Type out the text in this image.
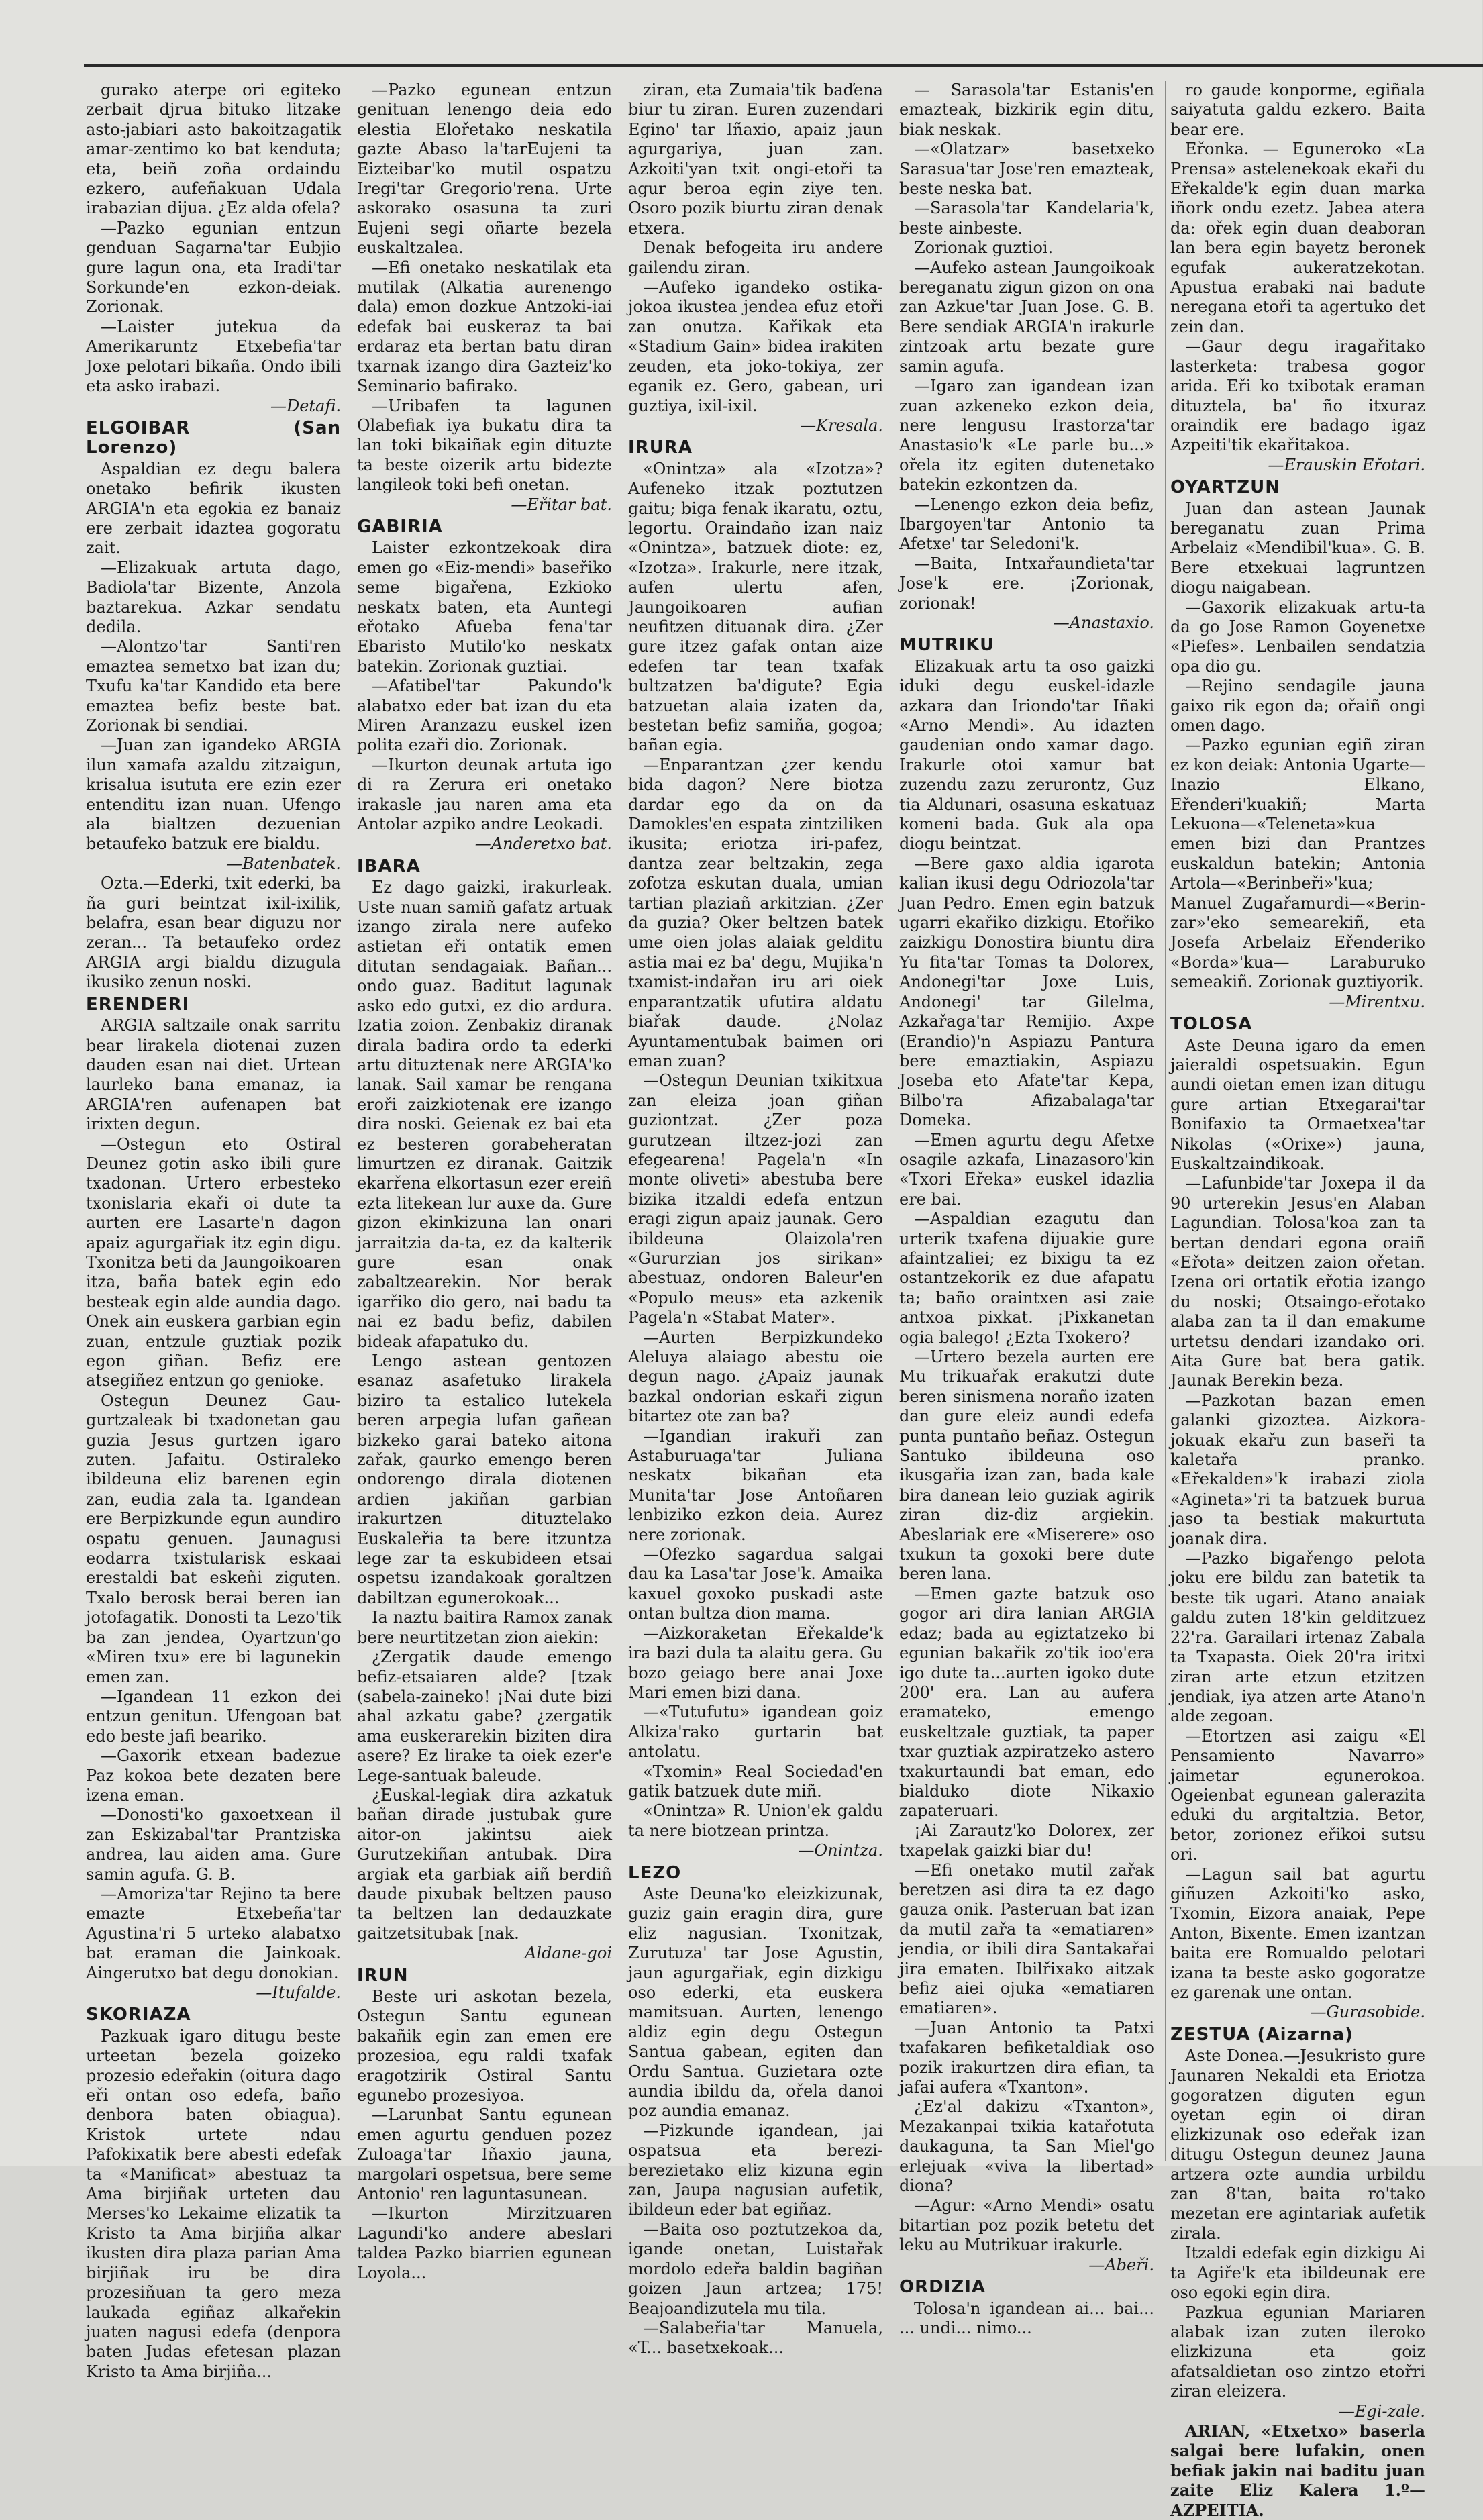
gurako aterpe ori egiteko zerbait djrua bituko litzake asto-jabiari asto bakoitzagatik amar-zentimo ko bat kenduta; eta, beiñ zoña ordaindu ezkero, aufeñakuan Udala irabazian dijua. ¿Ez alda ofela?

—Pazko egunian entzun genduan Sagarna'tar Eubjio gure lagun ona, eta Iradi'tar Sorkunde'en ezkon-deiak. Zorionak.

—Laister jutekua da Amerikaruntz Etxebefia'tar Joxe pelotari bikaña. Ondo ibili eta asko irabazi.

—Detafi.

ELGOIBAR (San Lorenzo)

Aspaldian ez degu balera onetako befirik ikusten ARGIA'n eta egokia ez banaiz ere zerbait idaztea gogoratu zait.

—Elizakuak artuta dago, Badiola'tar Bizente, Anzola baztarekua. Azkar sendatu dedila.

—Alontzo'tar Santi'ren emaztea semetxo bat izan du; Txufu ka'tar Kandido eta bere emaztea befiz beste bat. Zorionak bi sendiai.

—Juan zan igandeko ARGIA ilun xamafa azaldu zitzaigun, krisalua isututa ere ezin ezer entenditu izan nuan. Ufengo ala bialtzen dezuenian betaufeko batzuk ere bialdu.

—Batenbatek.

Ozta.—Ederki, txit ederki, ba ña guri beintzat ixil-ixilik, belafra, esan bear diguzu nor zeran... Ta betaufeko ordez ARGIA argi bialdu dizugula ikusiko zenun noski.

ERENDERI

ARGIA saltzaile onak sarritu bear lirakela diotenai zuzen dauden esan nai diet. Urtean laurleko bana emanaz, ia ARGIA'ren aufenapen bat irixten degun.

—Ostegun eto Ostiral Deunez gotin asko ibili gure txadonan. Urtero erbesteko txonislaria ekaři oi dute ta aurten ere Lasarte'n dagon apaiz agurgařiak itz egin digu. Txonitza beti da Jaungoikoaren itza, baña batek egin edo besteak egin alde aundia dago. Onek ain euskera garbian egin zuan, entzule guztiak pozik egon giñan. Befiz ere atsegiñez entzun go genioke.

Ostegun Deunez Gau-gurtzaleak bi txadonetan gau guzia Jesus gurtzen igaro zuten. Jafaitu. Ostiraleko ibildeuna eliz barenen egin zan, eudia zala ta. Igandean ere Berpizkunde egun aundiro ospatu genuen. Jaunagusi eodarra txistularisk eskaai erestaldi bat eskeñi ziguten. Txalo berosk berai beren ian jotofagatik. Donosti ta Lezo'tik ba zan jendea, Oyartzun'go «Miren txu» ere bi lagunekin emen zan.

—Igandean 11 ezkon dei entzun genitun. Ufengoan bat edo beste jafi beariko.

—Gaxorik etxean badezue Paz kokoa bete dezaten bere izena eman.

—Donosti'ko gaxoetxean il zan Eskizabal'tar Prantziska andrea, lau aiden ama. Gure samin agufa. G. B.

—Amoriza'tar Rejino ta bere emazte Etxebeña'tar Agustina'ri 5 urteko alabatxo bat eraman die Jainkoak. Aingerutxo bat degu donokian.

—Itufalde.

SKORIAZA

Pazkuak igaro ditugu beste urteetan bezela goizeko prozesio edeřakin (oitura dago eři ontan oso edefa, baño denbora baten obiagua). Kristok urtete ndau Pafokixatik bere abesti edefak ta «Manificat» abestuaz ta Ama birjiñak urteten dau Merses'ko Lekaime elizatik ta Kristo ta Ama birjiña alkar ikusten dira plaza parian Ama birjiñak iru be dira prozesiñuan ta gero meza laukada egiñaz alkařekin juaten nagusi edefa (denpora baten Judas efetesan plazan Kristo ta Ama birjiña...

—Pazko egunean entzun genituan lenengo deia edo elestia Elořetako neskatila gazte Abaso la'tarEujeni ta Eizteibar'ko mutil ospatzu Iregi'tar Gregorio'rena. Urte askorako osasuna ta zuri Eujeni segi oñarte bezela euskaltzalea.

—Efi onetako neskatilak eta mutilak (Alkatia aurenengo dala) emon dozkue Antzoki-iai edefak bai euskeraz ta bai erdaraz eta bertan batu diran txarnak izango dira Gazteiz'ko Seminario bafirako.

—Uribafen ta lagunen Olabefiak iya bukatu dira ta lan toki bikaiñak egin dituzte ta beste oizerik artu bidezte langileok toki befi onetan.

—Eřitar bat.

GABIRIA

Laister ezkontzekoak dira emen go «Eiz-mendi» baseřiko seme bigařena, Ezkioko neskatx baten, eta Auntegi eřotako Afueba fena'tar Ebaristo Mutilo'ko neskatx batekin. Zorionak guztiai.

—Afatibel'tar Pakundo'k alabatxo eder bat izan du eta Miren Aranzazu euskel izen polita ezaři dio. Zorionak.

—Ikurton deunak artuta igo di ra Zerura eri onetako irakasle jau naren ama eta Antolar azpiko andre Leokadi.

—Anderetxo bat.

IBARA

Ez dago gaizki, irakurleak. Uste nuan samiñ gafatz artuak izango zirala nere aufeko astietan eři ontatik emen ditutan sendagaiak. Bañan... ondo guaz. Baditut lagunak asko edo gutxi, ez dio ardura. Izatia zoion. Zenbakiz diranak dirala badira ordo ta ederki artu dituztenak nere ARGIA'ko lanak. Sail xamar be rengana eroři zaizkiotenak ere izango dira noski. Geienak ez bai eta ez besteren gorabeheratan limurtzen ez diranak. Gaitzik ekarřena elkortasun ezer ereiñ ezta litekean lur auxe da. Gure gizon ekinkizuna lan onari jarraitzia da-ta, ez da kalterik gure esan onak zabaltzearekin. Nor berak igarřiko dio gero, nai badu ta nai ez badu befiz, dabilen bideak afapatuko du.

Lengo astean gentozen esanaz asafetuko lirakela biziro ta estalico lutekela beren arpegia lufan gañean bizkeko garai bateko aitona zařak, gaurko emengo beren ondorengo dirala diotenen ardien jakiñan garbian irakurtzen dituztelako Euskaleřia ta bere itzuntza lege zar ta eskubideen etsai ospetsu izandakoak goraltzen dabiltzan egunerokoak...

Ia naztu baitira Ramox zanak bere neurtitzetan zion aiekin:

¿Zergatik daude emengo befiz-etsaiaren alde? [tzak (sabela-zaineko! ¡Nai dute bizi ahal azkatu gabe? ¿zergatik ama euskerarekin biziten dira asere? Ez lirake ta oiek ezer'e Lege-santuak baleude.

¿Euskal-legiak dira azkatuk bañan dirade justubak gure aitor-on jakintsu aiek Gurutzekiñan antubak. Dira argiak eta garbiak aiñ berdiñ daude pixubak beltzen pauso ta beltzen lan dedauzkate gaitzetsitubak [nak.

Aldane-goi

IRUN

Beste uri askotan bezela, Ostegun Santu egunean bakañik egin zan emen ere prozesioa, egu raldi txafak eragotzirik Ostiral Santu egunebo prozesiyoa.

—Larunbat Santu egunean emen agurtu genduen pozez Zuloaga'tar Iñaxio jauna, margolari ospetsua, bere seme Antonio' ren laguntasunean.

—Ikurton Mirzitzuaren Lagundi'ko andere abeslari taldea Pazko biarrien egunean Loyola...

ziran, eta Zumaia'tik baďena biur tu ziran. Euren zuzendari Egino' tar Iñaxio, apaiz jaun agurgariya, juan zan. Azkoiti'yan txit ongi-etoři ta agur beroa egin ziye ten. Osoro pozik biurtu ziran denak etxera.

Denak befogeita iru andere gailendu ziran.

—Aufeko igandeko ostika-jokoa ikustea jendea efuz etoři zan onutza. Kařikak eta «Stadium Gain» bidea irakiten zeuden, eta joko-tokiya, zer eganik ez. Gero, gabean, uri guztiya, ixil-ixil.

—Kresala.

IRURA

«Onintza» ala «Izotza»? Aufeneko itzak poztutzen gaitu; biga fenak ikaratu, oztu, legortu. Oraindaño izan naiz «Onintza», batzuek diote: ez, «Izotza». Irakurle, nere itzak, aufen ulertu afen, Jaungoikoaren aufian neufitzen dituanak dira. ¿Zer gure itzez gafak ontan aize edefen tar tean txafak bultzatzen ba'digute? Egia batzuetan alaia izaten da, bestetan befiz samiña, gogoa; bañan egia.

—Enparantzan ¿zer kendu bida dagon? Nere biotza dardar ego da on da Damokles'en espata zintziliken ikusita; eriotza iri-pafez, dantza zear beltzakin, zega zofotza eskutan duala, umian tartian plaziañ arkitzian. ¿Zer da guzia? Oker beltzen batek ume oien jolas alaiak gelditu astia mai ez ba' degu, Mujika'n txamist-indařan iru ari oiek enparantzatik ufutira aldatu biařak daude. ¿Nolaz Ayuntamentubak baimen ori eman zuan?

—Ostegun Deunian txikitxua zan eleiza joan giñan guziontzat. ¿Zer poza gurutzean iltzez-jozi zan efegearena! Pagela'n «In monte oliveti» abestuba bere bizika itzaldi edefa entzun eragi zigun apaiz jaunak. Gero ibildeuna Olaizola'ren «Gururzian jos sirikan» abestuaz, ondoren Baleur'en «Populo meus» eta azkenik Pagela'n «Stabat Mater».

—Aurten Berpizkundeko Aleluya alaiago abestu oie degun nago. ¿Apaiz jaunak bazkal ondorian eskaři zigun bitartez ote zan ba?

—Igandian irakuři zan Astaburuaga'tar Juliana neskatx bikañan eta Munita'tar Jose Antoñaren lenbiziko ezkon deia. Aurez nere zorionak.

—Ofezko sagardua salgai dau ka Lasa'tar Jose'k. Amaika kaxuel goxoko puskadi aste ontan bultza dion mama.

—Aizkoraketan Eřekalde'k ira bazi dula ta alaitu gera. Gu bozo geiago bere anai Joxe Mari emen bizi dana.

—«Tutufutu» igandean goiz Alkiza'rako gurtarin bat antolatu.

«Txomin» Real Sociedad'en gatik batzuek dute miñ.

«Onintza» R. Union'ek galdu ta nere biotzean printza.

—Onintza.

LEZO

Aste Deuna'ko eleizkizunak, guziz gain eragin dira, gure eliz nagusian. Txonitzak, Zurutuza' tar Jose Agustin, jaun agurgařiak, egin dizkigu oso ederki, eta euskera mamitsuan. Aurten, lenengo aldiz egin degu Ostegun Santua gabean, egiten dan Ordu Santua. Guzietara ozte aundia ibildu da, ořela danoi poz aundia emanaz.

—Pizkunde igandean, jai ospatsua eta berezi-berezietako eliz kizuna egin zan, Jaupa nagusian aufetik, ibildeun eder bat egiñaz.

—Baita oso poztutzekoa da, igande onetan, Luistařak mordolo edeřa baldin bagiñan goizen Jaun artzea; 175! Beajoandizutela mu tila.

—Salabeřia'tar Manuela, «T... basetxekoak...

— Sarasola'tar Estanis'en emazteak, bizkirik egin ditu, biak neskak.

—«Olatzar» basetxeko Sarasua'tar Jose'ren emazteak, beste neska bat.

—Sarasola'tar Kandelaria'k, beste ainbeste.

Zorionak guztioi.

—Aufeko astean Jaungoikoak bereganatu zigun gizon on ona zan Azkue'tar Juan Jose. G. B. Bere sendiak ARGIA'n irakurle zintzoak artu bezate gure samin agufa.

—Igaro zan igandean izan zuan azkeneko ezkon deia, nere lengusu Irastorza'tar Anastasio'k «Le parle bu...» ořela itz egiten dutenetako batekin ezkontzen da.

—Lenengo ezkon deia befiz, Ibargoyen'tar Antonio ta Afetxe' tar Seledoni'k.

—Baita, Intxařaundieta'tar Jose'k ere. ¡Zorionak, zorionak!

—Anastaxio.

MUTRIKU

Elizakuak artu ta oso gaizki iduki degu euskel-idazle azkara dan Iriondo'tar Iñaki «Arno Mendi». Au idazten gaudenian ondo xamar dago. Irakurle otoi xamur bat zuzendu zazu zerurontz, Guz tia Aldunari, osasuna eskatuaz komeni bada. Guk ala opa diogu beintzat.

—Bere gaxo aldia igarota kalian ikusi degu Odriozola'tar Juan Pedro. Emen egin batzuk ugarri ekařiko dizkigu. Etořiko zaizkigu Donostira biuntu dira Yu fita'tar Tomas ta Dolorex, Andonegi'tar Joxe Luis, Andonegi' tar Gilelma, Azkařaga'tar Remijio. Axpe (Erandio)'n Aspiazu Pantura bere emaztiakin, Aspiazu Joseba eto Afate'tar Kepa, Bilbo'ra Afizabalaga'tar Domeka.

—Emen agurtu degu Afetxe osagile azkafa, Linazasoro'kin «Txori Eřeka» euskel idazlia ere bai.

—Aspaldian ezagutu dan urterik txafena dijuakie gure afaintzaliei; ez bixigu ta ez ostantzekorik ez due afapatu ta; baño oraintxen asi zaie antxoa pixkat. ¡Pixkanetan ogia balego! ¿Ezta Txokero?

—Urtero bezela aurten ere Mu trikuařak erakutzi dute beren sinismena noraño izaten dan gure eleiz aundi edefa punta puntaño beñaz. Ostegun Santuko ibildeuna oso ikusgařia izan zan, bada kale bira danean leio guziak agirik ziran diz-diz argiekin. Abeslariak ere «Miserere» oso txukun ta goxoki bere dute beren lana.

—Emen gazte batzuk oso gogor ari dira lanian ARGIA edaz; bada au egiztatzeko bi egunian bakařik zo'tik ioo'era igo dute ta...aurten igoko dute 200' era. Lan au aufera eramateko, emengo euskeltzale guztiak, ta paper txar guztiak azpiratzeko astero txakurtaundi bat eman, edo bialduko diote Nikaxio zapateruari.

¡Ai Zarautz'ko Dolorex, zer txapelak gaizki biar du!

—Efi onetako mutil zařak beretzen asi dira ta ez dago gauza onik. Pasteruan bat izan da mutil zařa ta «ematiaren» jendia, or ibili dira Santakařai jira ematen. Ibilřixako aitzak befiz aiei ojuka «ematiaren ematiaren».

—Juan Antonio ta Patxi txafakaren befiketaldiak oso pozik irakurtzen dira efian, ta jafai aufera «Txanton».

¿Ez'al dakizu «Txanton», Mezakanpai txikia katařotuta daukaguna, ta San Miel'go erlejuak «viva la libertad» diona?

—Agur: «Arno Mendi» osatu bitartian poz pozik betetu det leku au Mutrikuar irakurle.

—Abeři.

ORDIZIA

Tolosa'n igandean ai... bai... ... undi... nimo...

ro gaude konporme, egiñala saiyatuta galdu ezkero. Baita bear ere.

Eřonka. — Eguneroko «La Prensa» astelenekoak ekaři du Eřekalde'k egin duan marka iñork ondu ezetz. Jabea atera da: ořek egin duan deaboran lan bera egin bayetz beronek egufak aukeratzekotan. Apustua erabaki nai badute neregana etoři ta agertuko det zein dan.

—Gaur degu iragařitako lasterketa: trabesa gogor arida. Eři ko txibotak eraman dituztela, ba' ño itxuraz oraindik ere badago igaz Azpeiti'tik ekařitakoa.

—Erauskin Eřotari.

OYARTZUN

Juan dan astean Jaunak bereganatu zuan Prima Arbelaiz «Mendibil'kua». G. B. Bere etxekuai lagruntzen diogu naigabean.

—Gaxorik elizakuak artu-ta da go Jose Ramon Goyenetxe «Piefes». Lenbailen sendatzia opa dio gu.

—Rejino sendagile jauna gaixo rik egon da; ořaiñ ongi omen dago.

—Pazko egunian egiñ ziran ez kon deiak: Antonia Ugarte— Inazio Elkano, Eřenderi'kuakiñ; Marta Lekuona—«Teleneta»kua emen bizi dan Prantzes euskaldun batekin; Antonia Artola—«Berinbeři»'kua; Manuel Zugařamurdi—«Berin-zar»'eko semearekiñ, eta Josefa Arbelaiz Eřenderiko «Borda»'kua— Laraburuko semeakiñ. Zorionak guztiyorik.

—Mirentxu.

TOLOSA

Aste Deuna igaro da emen jaieraldi ospetsuakin. Egun aundi oietan emen izan ditugu gure artian Etxegarai'tar Bonifaxio ta Ormaetxea'tar Nikolas («Orixe») jauna, Euskaltzaindikoak.

—Lafunbide'tar Joxepa il da 90 urterekin Jesus'en Alaban Lagundian. Tolosa'koa zan ta bertan dendari egona oraiñ «Eřota» deitzen zaion ořetan. Izena ori ortatik eřotia izango du noski; Otsaingo-eřotako alaba zan ta il dan emakume urtetsu dendari izandako ori. Aita Gure bat bera gatik. Jaunak Berekin beza.

—Pazkotan bazan emen galanki gizoztea. Aizkora-jokuak ekařu zun baseři ta kaletařa pranko. «Eřekalden»'k irabazi ziola «Agineta»'ri ta batzuek burua jaso ta bestiak makurtuta joanak dira.

—Pazko bigařengo pelota joku ere bildu zan batetik ta beste tik ugari. Atano anaiak galdu zuten 18'kin gelditzuez 22'ra. Garailari irtenaz Zabala ta Txapasta. Oiek 20'ra iritxi ziran arte etzun etzitzen jendiak, iya atzen arte Atano'n alde zegoan.

—Etortzen asi zaigu «El Pensamiento Navarro» jaimetar egunerokoa. Ogeienbat egunean galerazita eduki du argitaltzia. Betor, betor, zorionez eřikoi sutsu ori.

—Lagun sail bat agurtu giñuzen Azkoiti'ko asko, Txomin, Eizora anaiak, Pepe Anton, Bixente. Emen izantzan baita ere Romualdo pelotari izana ta beste asko gogoratze ez garenak une ontan.

—Gurasobide.

ZESTUA (Aizarna)

Aste Donea.—Jesukristo gure Jaunaren Nekaldi eta Eriotza gogoratzen diguten egun oyetan egin oi diran elizkizunak oso edeřak izan ditugu Ostegun deunez Jauna artzera ozte aundia urbildu zan 8'tan, baita ro'tako mezetan ere agintariak aufetik zirala.

Itzaldi edefak egin dizkigu Ai ta Agiře'k eta ibildeunak ere oso egoki egin dira.

Pazkua egunian Mariaren alabak izan zuten ileroko elizkizuna eta goiz afatsaldietan oso zintzo etořri ziran eleizera.

—Egi-zale.

ARIAN, «Etxetxo» baserla salgai bere lufakin, onen befiak jakin nai baditu juan zaite Eliz Kalera 1.º— AZPEITIA.
